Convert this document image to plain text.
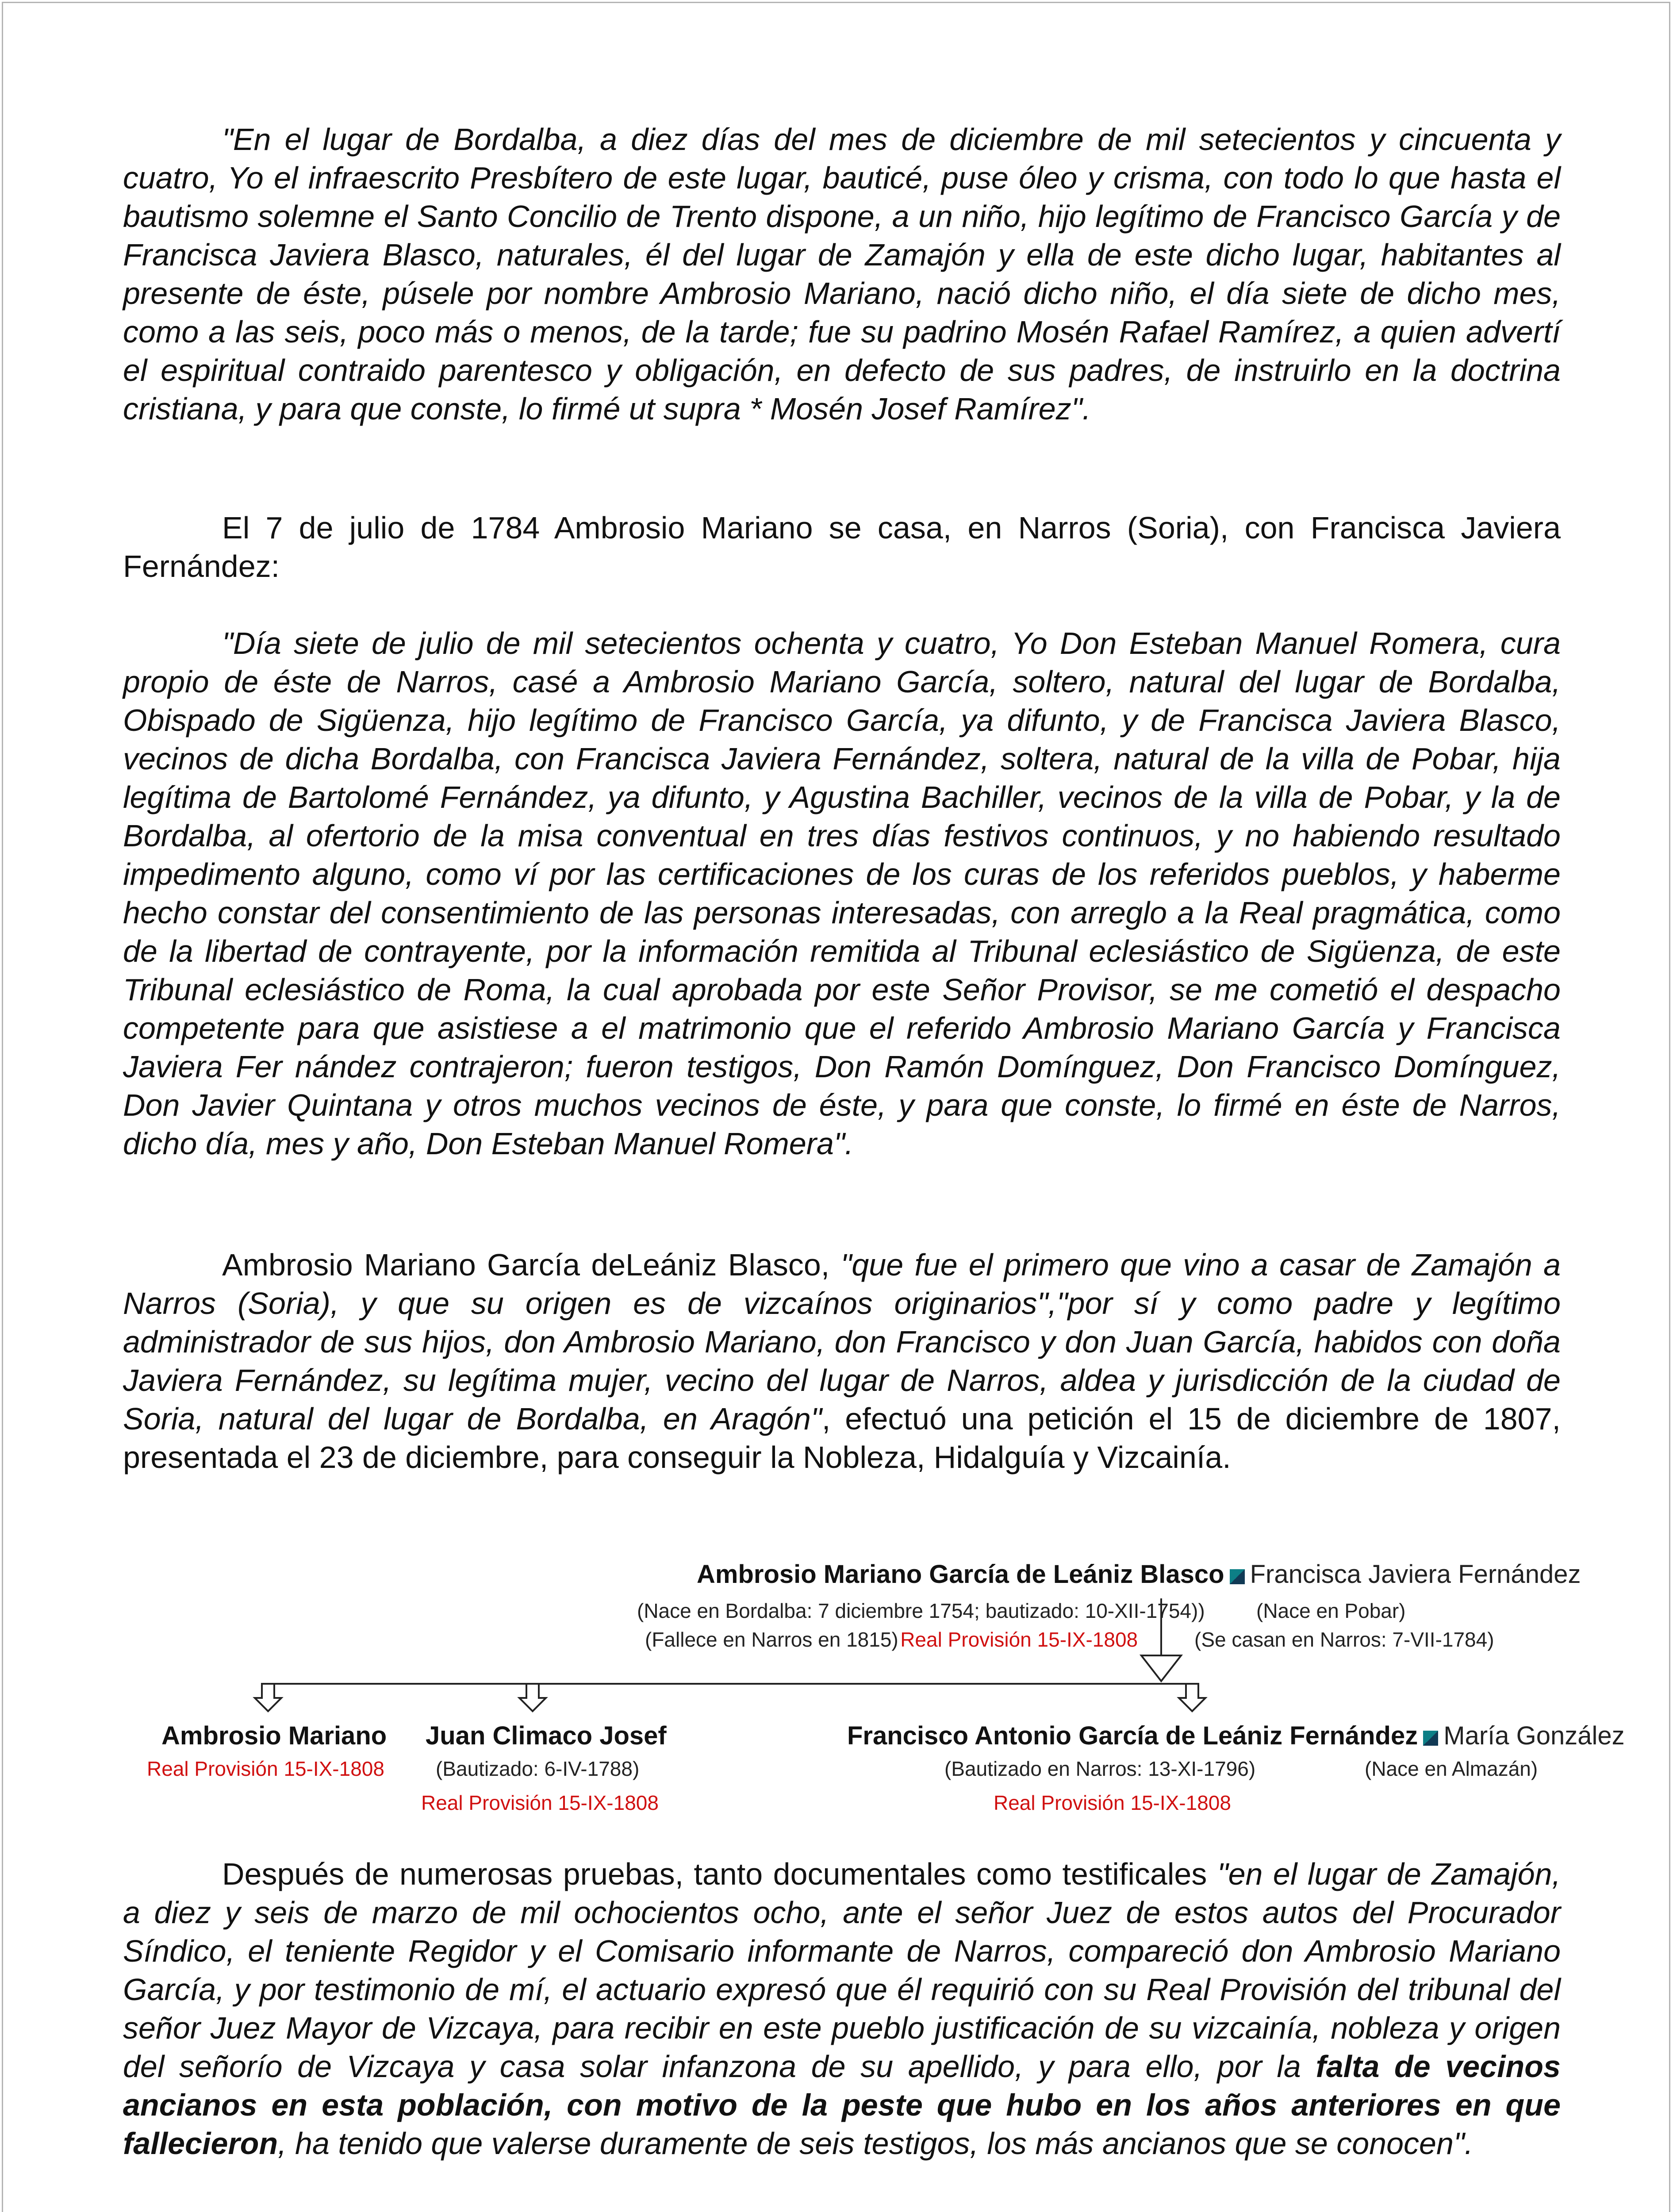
"En el lugar de Bordalba, a diez días del mes de diciembre de mil setecientos y cincuenta y cuatro, Yo el infraescrito Presbítero de este lugar, bauticé, puse óleo y crisma, con todo lo que hasta el bautismo solemne el Santo Concilio de Trento dispone, a un niño, hijo legítimo de Francisco García y de Francisca Javiera Blasco, naturales, él del lugar de Zamajón y ella de este dicho lugar, habitantes al presente de éste, púsele por nombre Ambrosio Mariano, nació dicho niño, el día siete de dicho mes, como a las seis, poco más o menos, de la tarde; fue su padrino Mosén Rafael Ramírez, a quien advertí el espiritual contraido parentesco y obligación, en defecto de sus padres, de instruirlo en la doctrina cristiana, y para que conste, lo firmé ut supra * Mosén Josef Ramírez".

El 7 de julio de 1784 Ambrosio Mariano se casa, en Narros (Soria), con Francisca Javiera Fernández:

"Día siete de julio de mil setecientos ochenta y cuatro, Yo Don Esteban Manuel Romera, cura propio de éste de Narros, casé a Ambrosio Mariano García, soltero, natural del lugar de Bordalba, Obispado de Sigüenza, hijo legítimo de Francisco García, ya difunto, y de Francisca Javiera Blasco, vecinos de dicha Bordalba, con Francisca Javiera Fernández, soltera, natural de la villa de Pobar, hija legítima de Bartolomé Fernández, ya difunto, y Agustina Bachiller, vecinos de la villa de Pobar, y la de Bordalba, al ofertorio de la misa conventual en tres días festivos continuos, y no habiendo resultado impedimento alguno, como ví por las certificaciones de los curas de los referidos pueblos, y haberme hecho constar del consentimiento de las personas interesadas, con arreglo a la Real pragmática, como de la libertad de contrayente, por la información remitida al Tribunal eclesiástico de Sigüenza, de este Tribunal eclesiástico de Roma, la cual aprobada por este Señor Provisor, se me cometió el despacho competente para que asistiese a el matrimonio que el referido Ambrosio Mariano García y Francisca Javiera Fer nández contrajeron; fueron testigos, Don Ramón Domínguez, Don Francisco Domínguez, Don Javier Quintana y otros muchos vecinos de éste, y para que conste, lo firmé en éste de Narros, dicho día, mes y año, Don Esteban Manuel Romera".

Ambrosio Mariano García deLeániz Blasco, "que fue el primero que vino a casar de Zamajón a Narros (Soria), y que su origen es de vizcaínos originarios","por sí y como padre y legítimo administrador de sus hijos, don Ambrosio Mariano, don Francisco y don Juan García, habidos con doña Javiera Fernández, su legítima mujer, vecino del lugar de Narros, aldea y jurisdicción de la ciudad de Soria, natural del lugar de Bordalba, en Aragón", efectuó una petición el 15 de diciembre de 1807, presentada el 23 de diciembre, para conseguir la Nobleza, Hidalguía y Vizcainía.

Ambrosio Mariano García de Leániz Blasco Francisca Javiera Fernández
(Nace en Bordalba: 7 diciembre 1754; bautizado: 10-XII-1754))	(Nace en Pobar)
(Fallece en Narros en 1815) Real Provisión 15-IX-1808	(Se casan en Narros: 7-VII-1784)
Ambrosio Mariano
Real Provisión 15-IX-1808
Juan Climaco Josef
(Bautizado: 6-IV-1788)
Real Provisión 15-IX-1808
Francisco Antonio García de Leániz Fernández María González
(Bautizado en Narros: 13-XI-1796)	(Nace en Almazán)
Real Provisión 15-IX-1808

Después de numerosas pruebas, tanto documentales como testificales "en el lugar de Zamajón, a diez y seis de marzo de mil ochocientos ocho, ante el señor Juez de estos autos del Procurador Síndico, el teniente Regidor y el Comisario informante de Narros, compareció don Ambrosio Mariano García, y por testimonio de mí, el actuario expresó que él requirió con su Real Provisión del tribunal del señor Juez Mayor de Vizcaya, para recibir en este pueblo justificación de su vizcainía, nobleza y origen del señorío de Vizcaya y casa solar infanzona de su apellido, y para ello, por la falta de vecinos ancianos en esta población, con motivo de la peste que hubo en los años anteriores en que fallecieron, ha tenido que valerse duramente de seis testigos, los más ancianos que se conocen".
